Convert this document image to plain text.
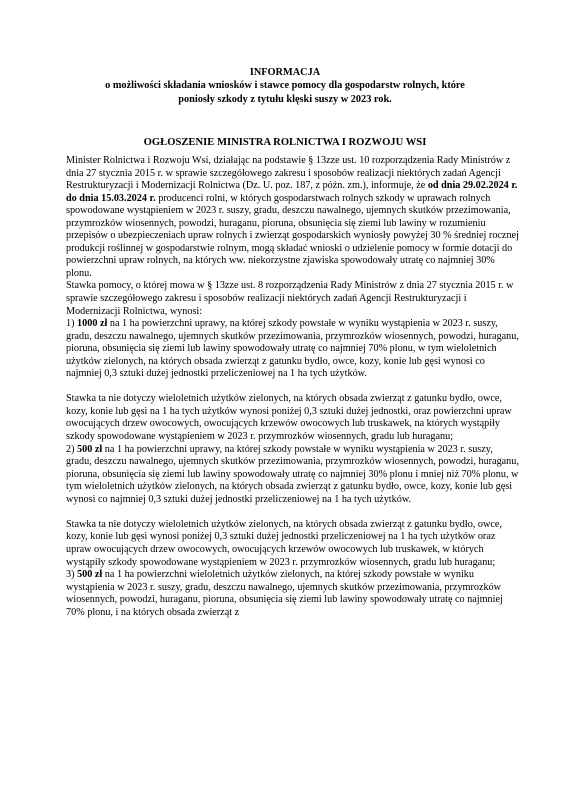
INFORMACJA
o możliwości składania wniosków i stawce pomocy dla gospodarstw rolnych, które
poniosły szkody z tytułu klęski suszy w 2023 rok.
OGŁOSZENIE MINISTRA ROLNICTWA I ROZWOJU WSI

Minister Rolnictwa i Rozwoju Wsi, działając na podstawie § 13zze ust. 10 rozporządzenia Rady Ministrów z dnia 27 stycznia 2015 r. w sprawie szczegółowego zakresu i sposobów realizacji niektórych zadań Agencji Restrukturyzacji i Modernizacji Rolnictwa (Dz. U. poz. 187, z późn. zm.), informuje, że od dnia 29.02.2024 r. do dnia 15.03.2024 r. producenci rolni, w których gospodarstwach rolnych szkody w uprawach rolnych spowodowane wystąpieniem w 2023 r. suszy, gradu, deszczu nawalnego, ujemnych skutków przezimowania, przymrozków wiosennych, powodzi, huraganu, pioruna, obsunięcia się ziemi lub lawiny w rozumieniu przepisów o ubezpieczeniach upraw rolnych i zwierząt gospodarskich wyniosły powyżej 30 % średniej rocznej produkcji roślinnej w gospodarstwie rolnym, mogą składać wnioski o udzielenie pomocy w formie dotacji do powierzchni upraw rolnych, na których ww. niekorzystne zjawiska spowodowały utratę co najmniej 30% plonu.

Stawka pomocy, o której mowa w § 13zze ust. 8 rozporządzenia Rady Ministrów z dnia 27 stycznia 2015 r. w sprawie szczegółowego zakresu i sposobów realizacji niektórych zadań Agencji Restrukturyzacji i Modernizacji Rolnictwa, wynosi:

1) 1000 zł na 1 ha powierzchni uprawy, na której szkody powstałe w wyniku wystąpienia w 2023 r. suszy, gradu, deszczu nawalnego, ujemnych skutków przezimowania, przymrozków wiosennych, powodzi, huraganu, pioruna, obsunięcia się ziemi lub lawiny spowodowały utratę co najmniej 70% plonu, w tym wieloletnich użytków zielonych, na których obsada zwierząt z gatunku bydło, owce, kozy, konie lub gęsi wynosi co najmniej 0,3 sztuki dużej jednostki przeliczeniowej na 1 ha tych użytków.

Stawka ta nie dotyczy wieloletnich użytków zielonych, na których obsada zwierząt z gatunku bydło, owce, kozy, konie lub gęsi na 1 ha tych użytków wynosi poniżej 0,3 sztuki dużej jednostki, oraz powierzchni upraw owocujących drzew owocowych, owocujących krzewów owocowych lub truskawek, na których wystąpiły szkody spowodowane wystąpieniem w 2023 r. przymrozków wiosennych, gradu lub huraganu;

2) 500 zł na 1 ha powierzchni uprawy, na której szkody powstałe w wyniku wystąpienia w 2023 r. suszy, gradu, deszczu nawalnego, ujemnych skutków przezimowania, przymrozków wiosennych, powodzi, huraganu, pioruna, obsunięcia się ziemi lub lawiny spowodowały utratę co najmniej 30% plonu i mniej niż 70% plonu, w tym wieloletnich użytków zielonych, na których obsada zwierząt z gatunku bydło, owce, kozy, konie lub gęsi wynosi co najmniej 0,3 sztuki dużej jednostki przeliczeniowej na 1 ha tych użytków.

Stawka ta nie dotyczy wieloletnich użytków zielonych, na których obsada zwierząt z gatunku bydło, owce, kozy, konie lub gęsi wynosi poniżej 0,3 sztuki dużej jednostki przeliczeniowej na 1 ha tych użytków oraz upraw owocujących drzew owocowych, owocujących krzewów owocowych lub truskawek, w których wystąpiły szkody spowodowane wystąpieniem w 2023 r. przymrozków wiosennych, gradu lub huraganu;

3) 500 zł na 1 ha powierzchni wieloletnich użytków zielonych, na której szkody powstałe w wyniku wystąpienia w 2023 r. suszy, gradu, deszczu nawalnego, ujemnych skutków przezimowania, przymrozków wiosennych, powodzi, huraganu, pioruna, obsunięcia się ziemi lub lawiny spowodowały utratę co najmniej 70% plonu, i na których obsada zwierząt z
